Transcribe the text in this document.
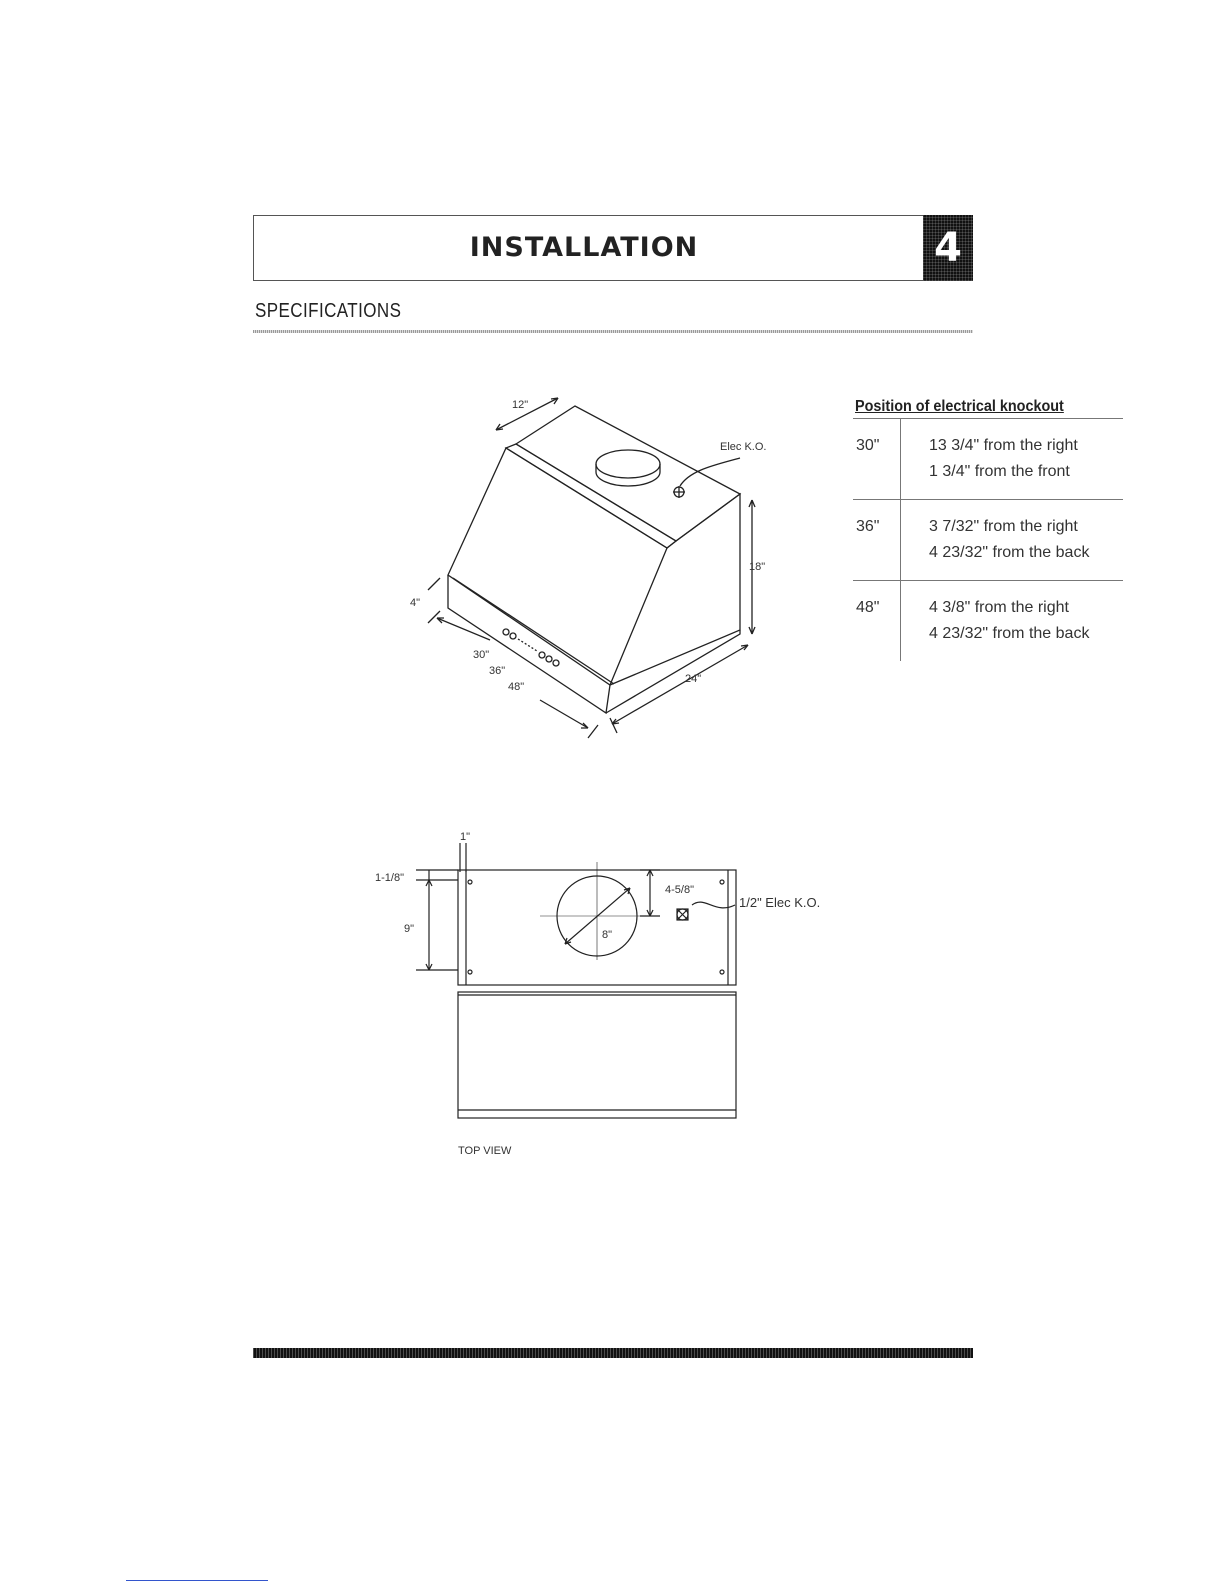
INSTALLATION	4
SPECIFICATIONS
12"
Elec K.O.
18"
4"
30"
36"
48"
24"
Position of electrical knockout
30"	13 3/4" from the right
1 3/4" from the front

36"	3 7/32" from the right
4 23/32" from the back

48"	4 3/8" from the right
4 23/32" from the back
1"
1-1/8"
9"
4-5/8"
8"
1/2" Elec K.O.
TOP VIEW
